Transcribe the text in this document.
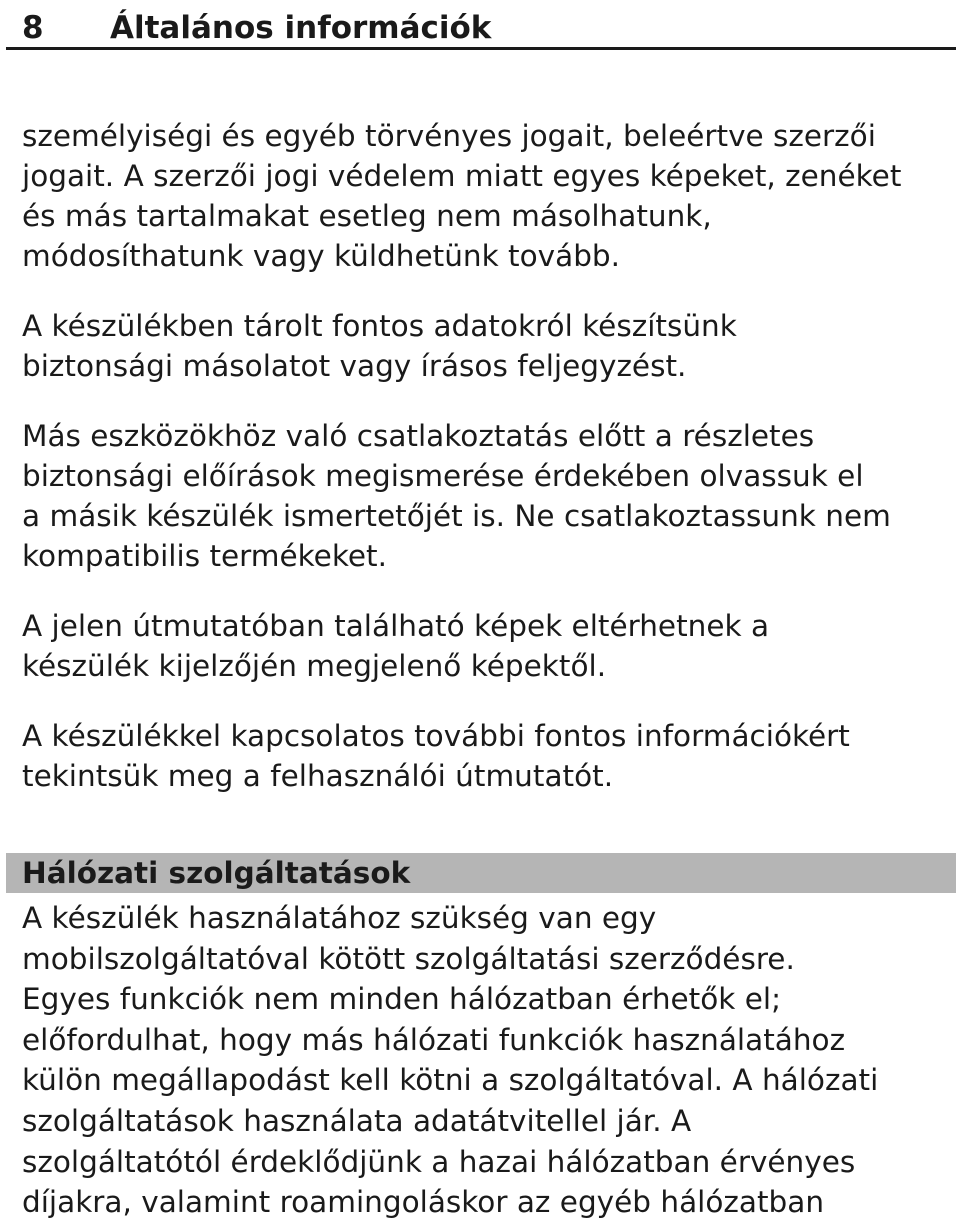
8 Általános információk

személyiségi és egyéb törvényes jogait, beleértve szerzői
jogait. A szerzői jogi védelem miatt egyes képeket, zenéket
és más tartalmakat esetleg nem másolhatunk,
módosíthatunk vagy küldhetünk tovább.

A készülékben tárolt fontos adatokról készítsünk
biztonsági másolatot vagy írásos feljegyzést.

Más eszközökhöz való csatlakoztatás előtt a részletes
biztonsági előírások megismerése érdekében olvassuk el
a másik készülék ismertetőjét is. Ne csatlakoztassunk nem
kompatibilis termékeket.

A jelen útmutatóban található képek eltérhetnek a
készülék kijelzőjén megjelenő képektől.

A készülékkel kapcsolatos további fontos információkért
tekintsük meg a felhasználói útmutatót.

Hálózati szolgáltatások
A készülék használatához szükség van egy
mobilszolgáltatóval kötött szolgáltatási szerződésre.
Egyes funkciók nem minden hálózatban érhetők el;
előfordulhat, hogy más hálózati funkciók használatához
külön megállapodást kell kötni a szolgáltatóval. A hálózati
szolgáltatások használata adatátvitellel jár. A
szolgáltatótól érdeklődjünk a hazai hálózatban érvényes
díjakra, valamint roamingoláskor az egyéb hálózatban
